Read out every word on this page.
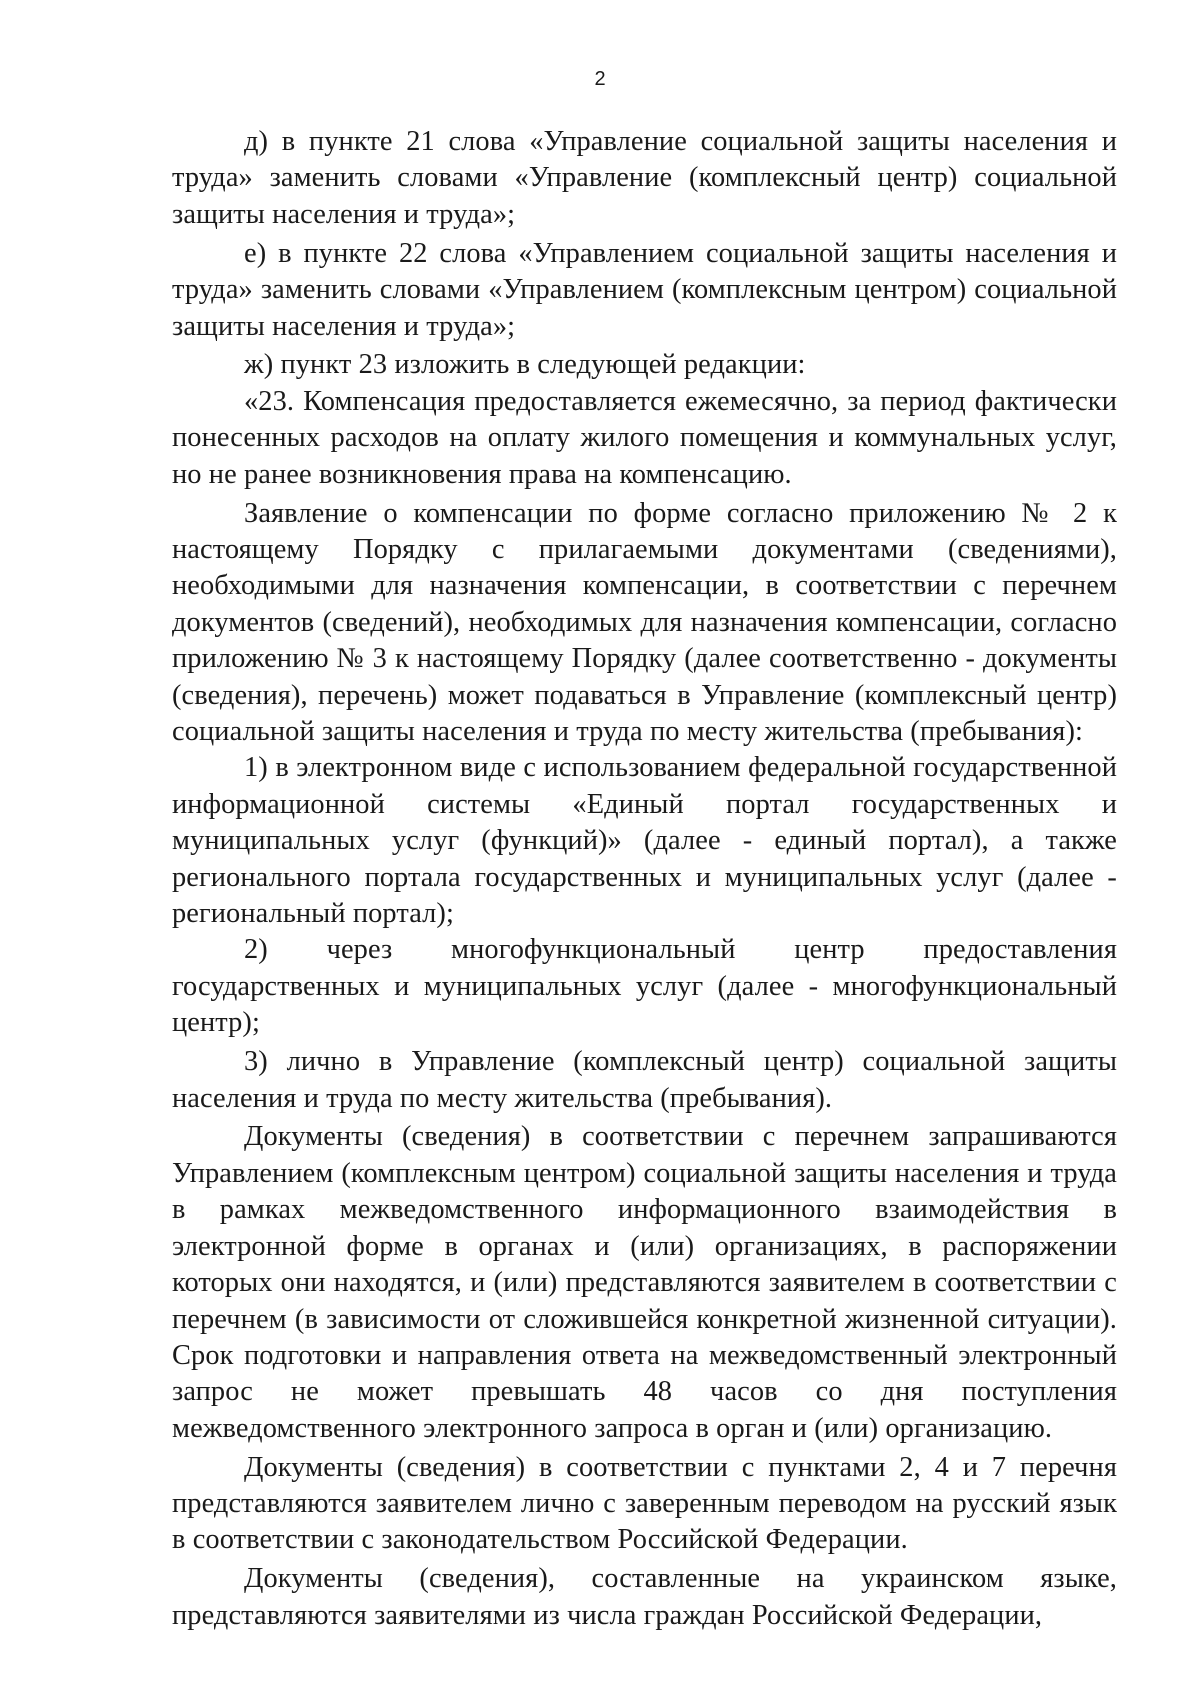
2

д) в пункте 21 слова «Управление социальной защиты населения и труда» заменить словами «Управление (комплексный центр) социальной защиты населения и труда»;

е) в пункте 22 слова «Управлением социальной защиты населения и труда» заменить словами «Управлением (комплексным центром) социальной защиты населения и труда»;

ж) пункт 23 изложить в следующей редакции:

«23. Компенсация предоставляется ежемесячно, за период фактически понесенных расходов на оплату жилого помещения и коммунальных услуг, но не ранее возникновения права на компенсацию.

Заявление о компенсации по форме согласно приложению № 2 к настоящему Порядку с прилагаемыми документами (сведениями), необходимыми для назначения компенсации, в соответствии с перечнем документов (сведений), необходимых для назначения компенсации, согласно приложению № 3 к настоящему Порядку (далее соответственно - документы (сведения), перечень) может подаваться в Управление (комплексный центр) социальной защиты населения и труда по месту жительства (пребывания):

1) в электронном виде с использованием федеральной государственной информационной системы «Единый портал государственных и муниципальных услуг (функций)» (далее - единый портал), а также регионального портала государственных и муниципальных услуг (далее - региональный портал);

2) через многофункциональный центр предоставления государственных и муниципальных услуг (далее - многофункциональный центр);

3) лично в Управление (комплексный центр) социальной защиты населения и труда по месту жительства (пребывания).

Документы (сведения) в соответствии с перечнем запрашиваются Управлением (комплексным центром) социальной защиты населения и труда в рамках межведомственного информационного взаимодействия в электронной форме в органах и (или) организациях, в распоряжении которых они находятся, и (или) представляются заявителем в соответствии с перечнем (в зависимости от сложившейся конкретной жизненной ситуации). Срок подготовки и направления ответа на межведомственный электронный запрос не может превышать 48 часов со дня поступления межведомственного электронного запроса в орган и (или) организацию.

Документы (сведения) в соответствии с пунктами 2, 4 и 7 перечня представляются заявителем лично с заверенным переводом на русский язык в соответствии с законодательством Российской Федерации.

Документы (сведения), составленные на украинском языке, представляются заявителями из числа граждан Российской Федерации,
